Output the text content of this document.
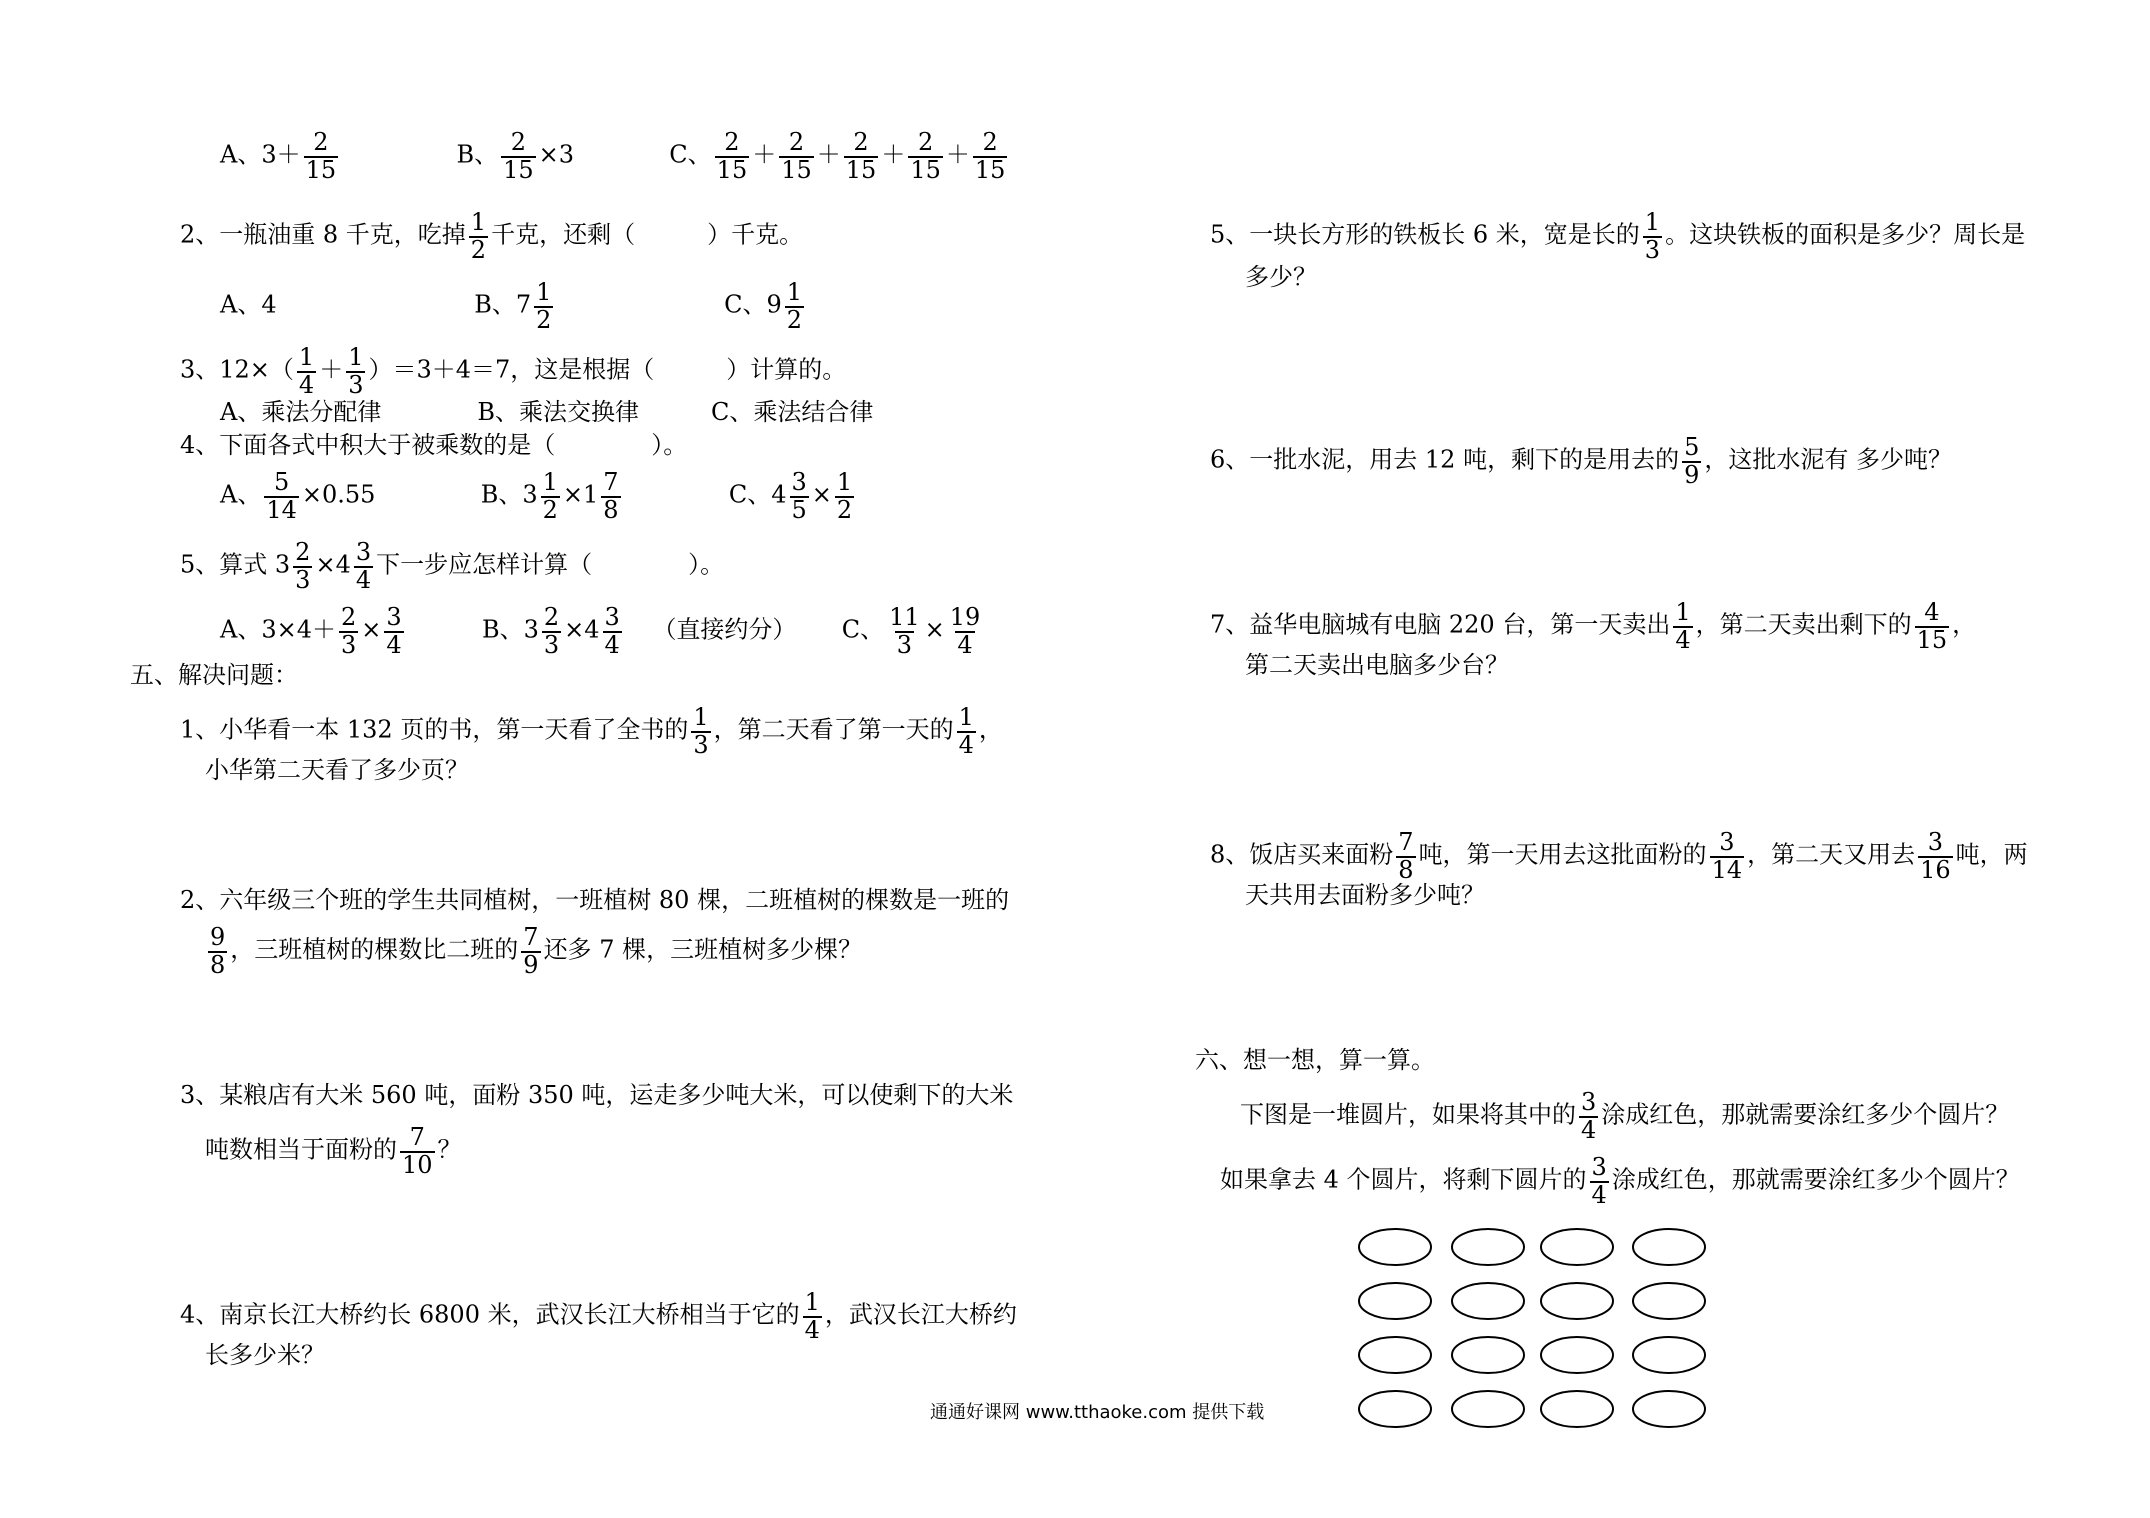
A、$3+ \frac{2}{15}$	B、 $\frac{2}{15} \times 3$	C、 $\frac{2}{15} + \frac{2}{15} + \frac{2}{15} + \frac{2}{15} + \frac{2}{15}$
2、一瓶油重 8 千克，吃掉 $\frac{1}{2}$ 千克，还剩（　　　）千克。
A、4	B、$7 \frac{1}{2}$	C、$9 \frac{1}{2}$
3、$12\times( \frac{1}{4} + \frac{1}{3} )=3+4=7$，这是根据（　　　）计算的。
A、乘法分配律　　　　B、乘法交换律　　　C、乘法结合律
4、下面各式中积大于被乘数的是（　　　　）。
A、 $\frac{5}{14} \times 0.55$	B、$3 \frac{1}{2} \times 1 \frac{7}{8}$	C、$4 \frac{3}{5} \times \frac{1}{2}$
5、算式 $3 \frac{2}{3} \times 4 \frac{3}{4}$ 下一步应怎样计算（　　　　）。
A、$3\times 4+ \frac{2}{3} \times \frac{3}{4}$	B、$3 \frac{2}{3} \times 4 \frac{3}{4}$ （直接约分） C、 $\frac{11}{3} \times \frac{19}{4}$
五、解决问题：
1、小华看一本 132 页的书，第一天看了全书的 $\frac{1}{3}$ ，第二天看了第一天的 $\frac{1}{4}$ ，
小华第二天看了多少页？
2、六年级三个班的学生共同植树，一班植树 80 棵，二班植树的棵数是一班的
$\frac{9}{8}$ ，三班植树的棵数比二班的 $\frac{7}{9}$ 还多 7 棵，三班植树多少棵？
3、某粮店有大米 560 吨，面粉 350 吨，运走多少吨大米，可以使剩下的大米
吨数相当于面粉的 $\frac{7}{10}$ ？
4、南京长江大桥约长 6800 米，武汉长江大桥相当于它的 $\frac{1}{4}$ ，武汉长江大桥约
长多少米？
5、一块长方形的铁板长 6 米，宽是长的 $\frac{1}{3}$ 。这块铁板的面积是多少？周长是
多少？
6、一批水泥，用去 12 吨，剩下的是用去的 $\frac{5}{9}$ ，这批水泥有 多少吨？
7、益华电脑城有电脑 220 台，第一天卖出 $\frac{1}{4}$ ，第二天卖出剩下的 $\frac{4}{15}$ ，
第二天卖出电脑多少台？
8、饭店买来面粉 $\frac{7}{8}$ 吨，第一天用去这批面粉的 $\frac{3}{14}$ ，第二天又用去 $\frac{3}{16}$ 吨，两
天共用去面粉多少吨？
六、想一想，算一算。
下图是一堆圆片，如果将其中的 $\frac{3}{4}$ 涂成红色，那就需要涂红多少个圆片？
如果拿去 4 个圆片，将剩下圆片的 $\frac{3}{4}$ 涂成红色，那就需要涂红多少个圆片？
通通好课网 www.tthaoke.com 提供下载
